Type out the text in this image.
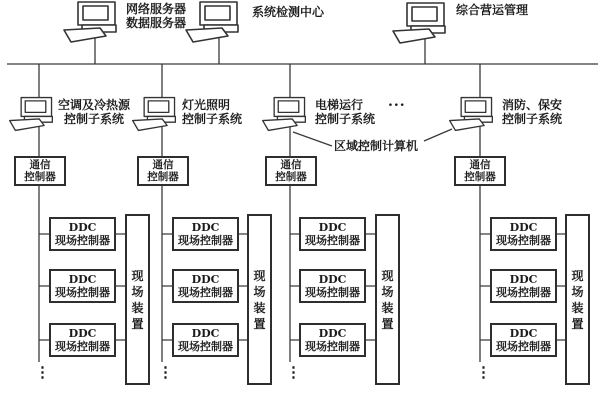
网络服务器
数据服务器
系统检测中心	综合营运管理
空调及冷热源
控制子系统
灯光照明
控制子系统
电梯运行
控制子系统
消防、保安
控制子系统
...
区域控制计算机
通信
控制器
通信
控制器
通信
控制器
通信
控制器
DDC
现场控制器
DDC
现场控制器
DDC
现场控制器
DDC
现场控制器
DDC
现场控制器
DDC
现场控制器
DDC
现场控制器
DDC
现场控制器
DDC
现场控制器
DDC
现场控制器
DDC
现场控制器
DDC
现场控制器
现场装置
现场装置
现场装置
现场装置
⋮	⋮	⋮	⋮
